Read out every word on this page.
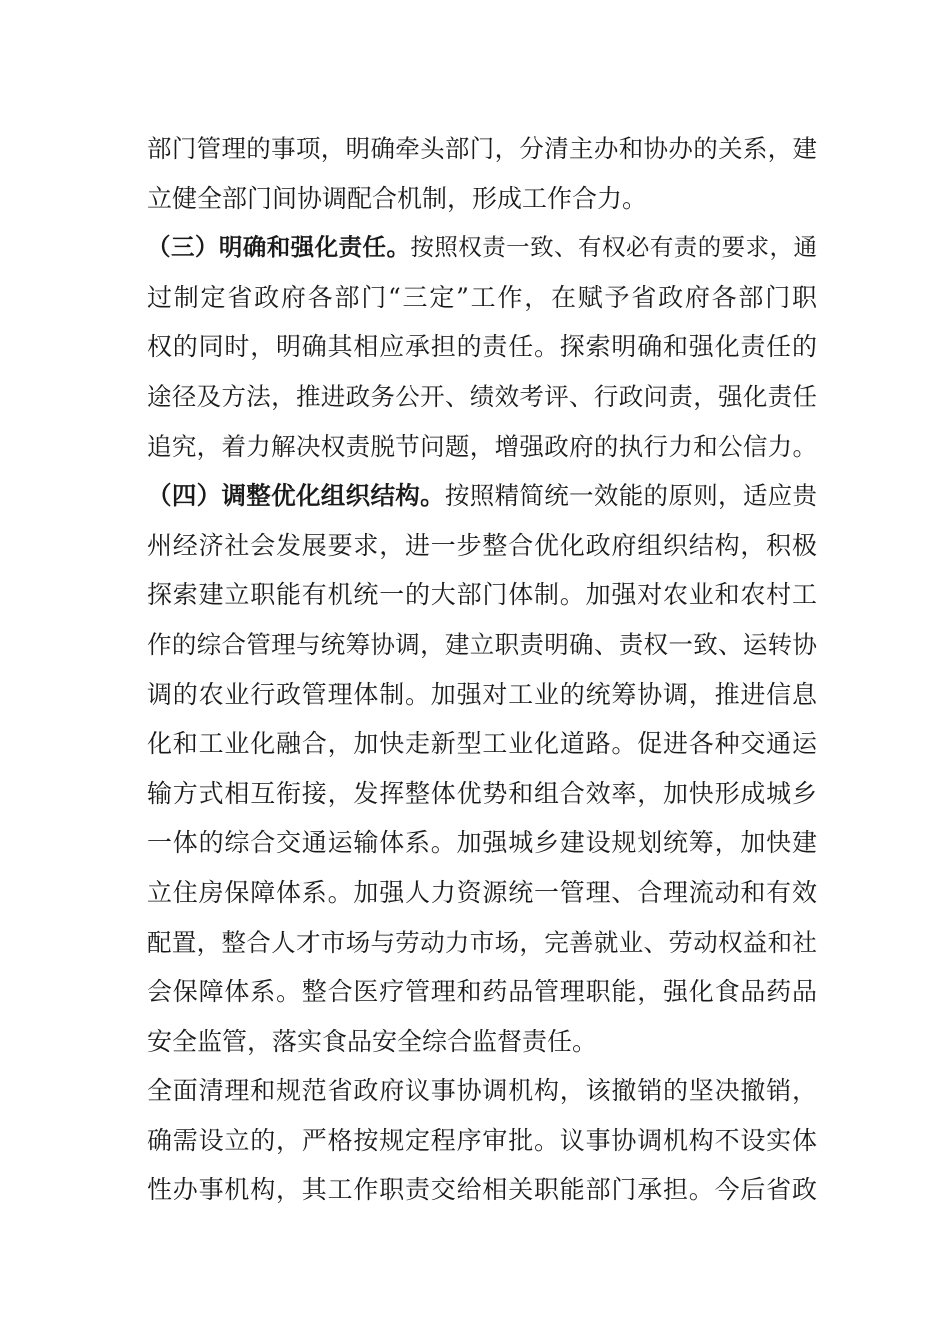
部门管理的事项，明确牵头部门，分清主办和协办的关系，建
立健全部门间协调配合机制，形成工作合力。
（三）明确和强化责任。按照权责一致、有权必有责的要求，通
过制定省政府各部门“三定”工作，在赋予省政府各部门职
权的同时，明确其相应承担的责任。探索明确和强化责任的
途径及方法，推进政务公开、绩效考评、行政问责，强化责任
追究，着力解决权责脱节问题，增强政府的执行力和公信力。
（四）调整优化组织结构。按照精简统一效能的原则，适应贵
州经济社会发展要求，进一步整合优化政府组织结构，积极
探索建立职能有机统一的大部门体制。加强对农业和农村工
作的综合管理与统筹协调，建立职责明确、责权一致、运转协
调的农业行政管理体制。加强对工业的统筹协调，推进信息
化和工业化融合，加快走新型工业化道路。促进各种交通运
输方式相互衔接，发挥整体优势和组合效率，加快形成城乡
一体的综合交通运输体系。加强城乡建设规划统筹，加快建
立住房保障体系。加强人力资源统一管理、合理流动和有效
配置，整合人才市场与劳动力市场，完善就业、劳动权益和社
会保障体系。整合医疗管理和药品管理职能，强化食品药品
安全监管，落实食品安全综合监督责任。
全面清理和规范省政府议事协调机构，该撤销的坚决撤销，
确需设立的，严格按规定程序审批。议事协调机构不设实体
性办事机构，其工作职责交给相关职能部门承担。今后省政
